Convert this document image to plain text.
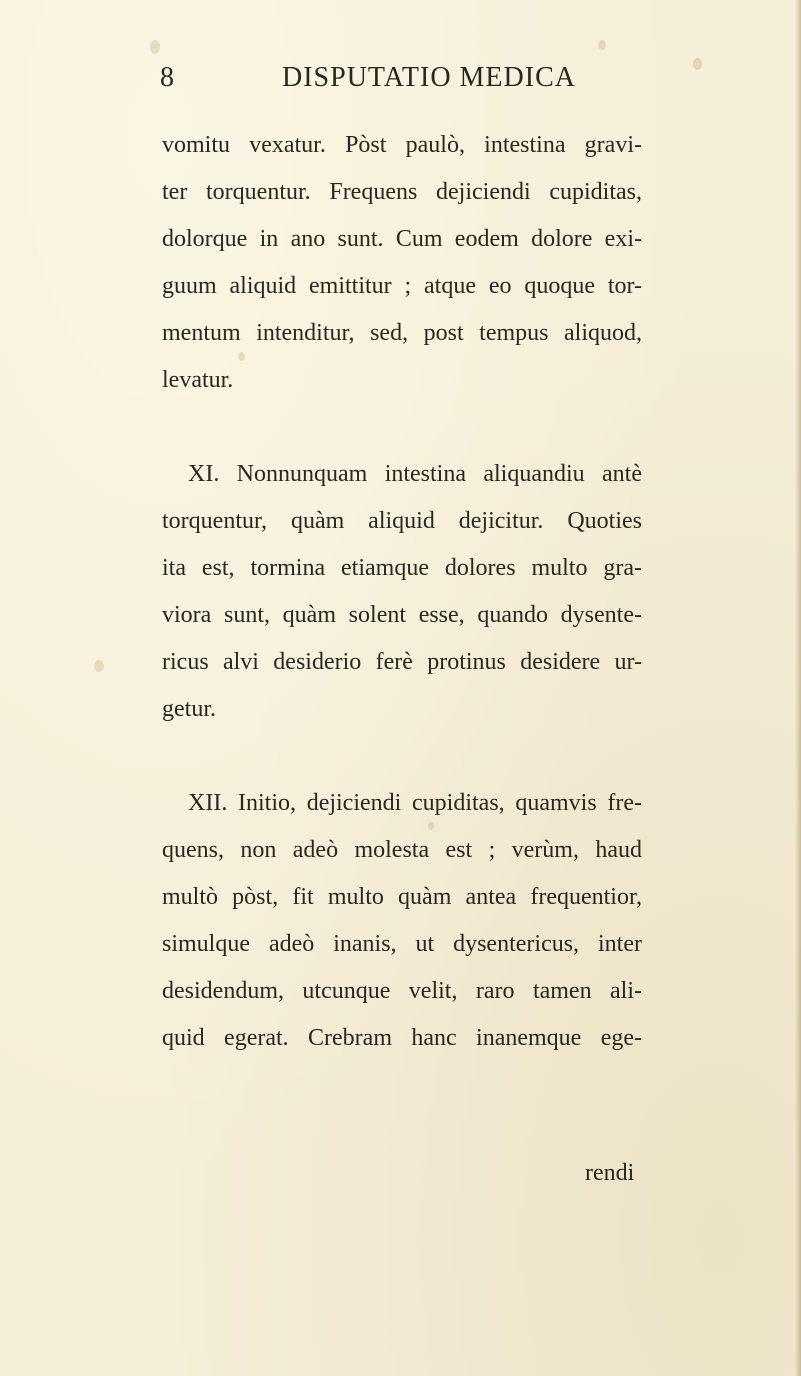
8	DISPUTATIO MEDICA
vomitu vexatur. Pòst paulò, intestina gravi-
ter torquentur. Frequens dejiciendi cupiditas,
dolorque in ano sunt. Cum eodem dolore exi-
guum aliquid emittitur ; atque eo quoque tor-
mentum intenditur, sed, post tempus aliquod,
levatur.
XI. Nonnunquam intestina aliquandiu antè
torquentur, quàm aliquid dejicitur. Quoties
ita est, tormina etiamque dolores multo gra-
viora sunt, quàm solent esse, quando dysente-
ricus alvi desiderio ferè protinus desidere ur-
getur.
XII. Initio, dejiciendi cupiditas, quamvis fre-
quens, non adeò molesta est ; verùm, haud
multò pòst, fit multo quàm antea frequentior,
simulque adeò inanis, ut dysentericus, inter
desidendum, utcunque velit, raro tamen ali-
quid egerat. Crebram hanc inanemque ege-
rendi
